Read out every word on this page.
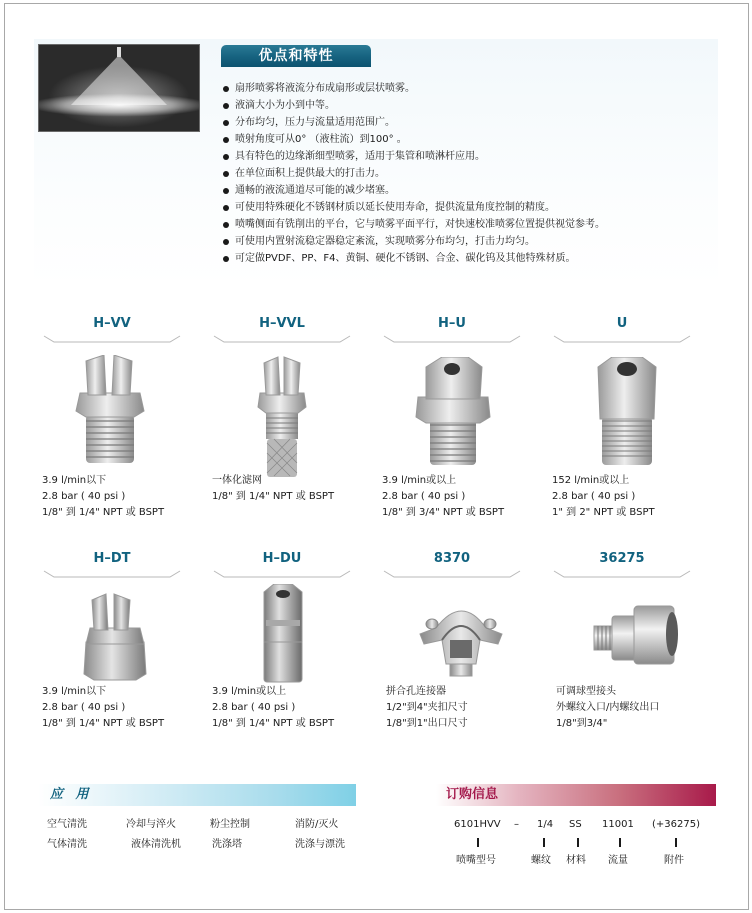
优点和特性
扇形喷雾将液流分布成扇形或层状喷雾。
液滴大小为小到中等。
分布均匀，压力与流量适用范围广。
喷射角度可从0° （液柱流）到100° 。
具有特色的边缘渐细型喷雾，适用于集管和喷淋杆应用。
在单位面积上提供最大的打击力。
通畅的液流通道尽可能的减少堵塞。
可使用特殊硬化不锈钢材质以延长使用寿命，提供流量角度控制的精度。
喷嘴侧面有铣削出的平台，它与喷雾平面平行，对快速校准喷雾位置提供视觉参考。
可使用内置射流稳定器稳定紊流，实现喷雾分布均匀，打击力均匀。
可定做PVDF、PP、F4、黄铜、硬化不锈钢、合金、碳化钨及其他特殊材质。
H–VV
3.9 l/min以下
2.8 bar ( 40 psi )
1/8" 到 1/4" NPT 或 BSPT
H–VVL
一体化滤网
1/8" 到 1/4" NPT 或 BSPT
H–U
3.9 l/min或以上
2.8 bar ( 40 psi )
1/8" 到 3/4" NPT 或 BSPT
U
152 l/min或以上
2.8 bar ( 40 psi )
1" 到 2" NPT 或 BSPT
H–DT
3.9 l/min以下
2.8 bar ( 40 psi )
1/8" 到 1/4" NPT 或 BSPT
H–DU
3.9 l/min或以上
2.8 bar ( 40 psi )
1/8" 到 1/4" NPT 或 BSPT
8370
拼合孔连接器
1/2"到4"夹扣尺寸
1/8"到1"出口尺寸
36275
可调球型接头
外螺纹入口/内螺纹出口
1/8"到3/4"
应 用
空气清洗	冷却与淬火	粉尘控制	消防/灭火
气体清洗	液体清洗机	洗涤塔	洗涤与漂洗
订购信息
6101HVV – 1/4 SS 11001 (+36275)
喷嘴型号	螺纹 材料 流量	附件
